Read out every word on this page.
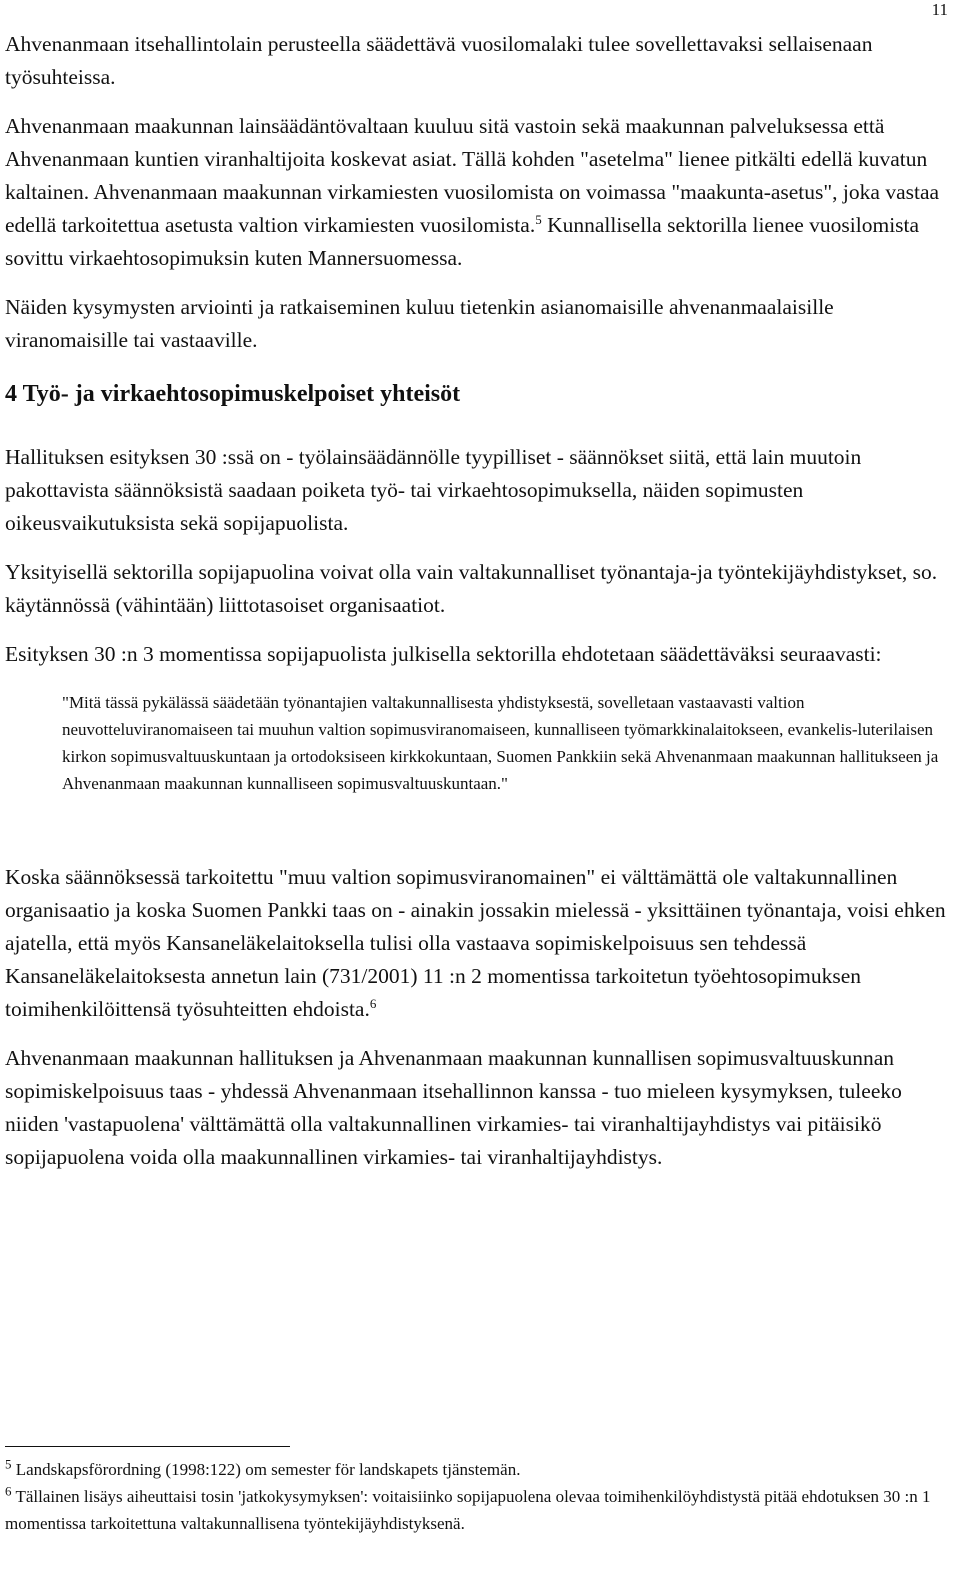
11

Ahvenanmaan itsehallintolain perusteella säädettävä vuosilomalaki tulee sovellettavaksi sellaisenaan työsuhteissa.

Ahvenanmaan maakunnan lainsäädäntövaltaan kuuluu sitä vastoin sekä maakunnan palveluksessa että Ahvenanmaan kuntien viranhaltijoita koskevat asiat. Tällä kohden "asetelma" lienee pitkälti edellä kuvatun kaltainen. Ahvenanmaan maakunnan virkamiesten vuosilomista on voimassa "maakunta-asetus", joka vastaa edellä tarkoitettua asetusta valtion virkamiesten vuosilomista.$^5$ Kunnallisella sektorilla lienee vuosilomista sovittu virkaehtosopimuksin kuten Mannersuomessa.

Näiden kysymysten arviointi ja ratkaiseminen kuluu tietenkin asianomaisille ahvenanmaalaisille viranomaisille tai vastaaville.

4 Työ- ja virkaehtosopimuskelpoiset yhteisöt

Hallituksen esityksen 30 :ssä on - työlainsäädännölle tyypilliset - säännökset siitä, että lain muutoin pakottavista säännöksistä saadaan poiketa työ- tai virkaehtosopimuksella, näiden sopimusten oikeusvaikutuksista sekä sopijapuolista.

Yksityisellä sektorilla sopijapuolina voivat olla vain valtakunnalliset työnantaja-ja työntekijäyhdistykset, so. käytännössä (vähintään) liittotasoiset organisaatiot.

Esityksen 30 :n 3 momentissa sopijapuolista julkisella sektorilla ehdotetaan säädettäväksi seuraavasti:

"Mitä tässä pykälässä säädetään työnantajien valtakunnallisesta yhdistyksestä, sovelletaan vastaavasti valtion neuvotteluviranomaiseen tai muuhun valtion sopimusviranomaiseen, kunnalliseen työmarkkinalaitokseen, evankelis-luterilaisen kirkon sopimusvaltuuskuntaan ja ortodoksiseen kirkkokuntaan, Suomen Pankkiin sekä Ahvenanmaan maakunnan hallitukseen ja Ahvenanmaan maakunnan kunnalliseen sopimusvaltuuskuntaan."

Koska säännöksessä tarkoitettu "muu valtion sopimusviranomainen" ei välttämättä ole valtakunnallinen organisaatio ja koska Suomen Pankki taas on - ainakin jossakin mielessä - yksittäinen työnantaja, voisi ehken ajatella, että myös Kansaneläkelaitoksella tulisi olla vastaava sopimiskelpoisuus sen tehdessä Kansaneläkelaitoksesta annetun lain (731/2001) 11 :n 2 momentissa tarkoitetun työehtosopimuksen toimihenkilöittensä työsuhteitten ehdoista.$^6$

Ahvenanmaan maakunnan hallituksen ja Ahvenanmaan maakunnan kunnallisen sopimusvaltuuskunnan sopimiskelpoisuus taas - yhdessä Ahvenanmaan itsehallinnon kanssa - tuo mieleen kysymyksen, tuleeko niiden 'vastapuolena' välttämättä olla valtakunnallinen virkamies- tai viranhaltijayhdistys vai pitäisikö sopijapuolena voida olla maakunnallinen virkamies- tai viranhaltijayhdistys.

$^5$ Landskapsförordning (1998:122) om semester för landskapets tjänstemän.

$^6$ Tällainen lisäys aiheuttaisi tosin 'jatkokysymyksen': voitaisiinko sopijapuolena olevaa toimihenkilöyhdistystä pitää ehdotuksen 30 :n 1 momentissa tarkoitettuna valtakunnallisena työntekijäyhdistyksenä.
